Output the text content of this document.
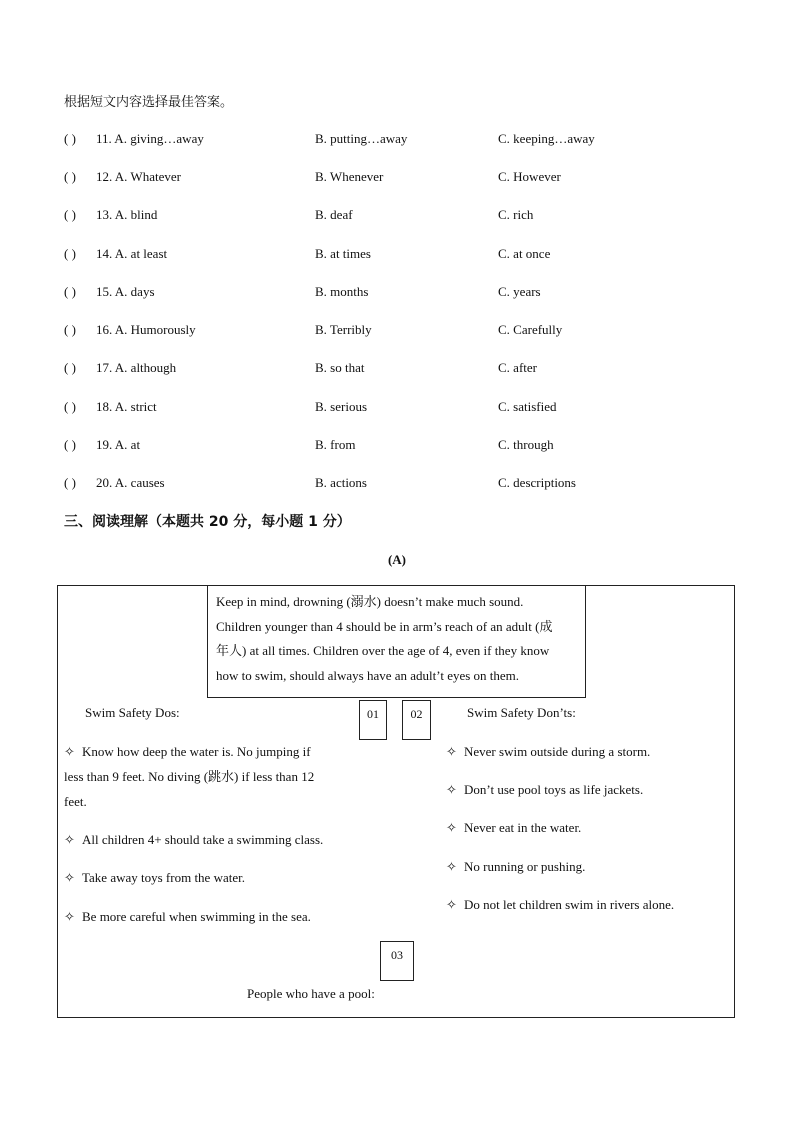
根据短文内容选择最佳答案。
( ) 11. A. giving…away	B. putting…away	C. keeping…away
( ) 12. A. Whatever	B. Whenever	C. However
( ) 13. A. blind	B. deaf	C. rich
( ) 14. A. at least	B. at times	C. at once
( ) 15. A. days	B. months	C. years
( ) 16. A. Humorously	B. Terribly	C. Carefully
( ) 17. A. although	B. so that	C. after
( ) 18. A. strict	B. serious	C. satisfied
( ) 19. A. at	B. from	C. through
( ) 20. A. causes	B. actions	C. descriptions
三、阅读理解（本题共 20 分，每小题 1 分）
(A)
Keep in mind, drowning (溺水) doesn’t make much sound.
Children younger than 4 should be in arm’s reach of an adult (成
年人) at all times. Children over the age of 4, even if they know
how to swim, should always have an adult’t eyes on them.
01	02
03
Swim Safety Dos:	Swim Safety Don’ts:
✧ Know how deep the water is. No jumping if
less than 9 feet. No diving (跳水) if less than 12
feet.
✧ All children 4+ should take a swimming class.
✧ Take away toys from the water.
✧ Be more careful when swimming in the sea.
✧ Never swim outside during a storm.
✧ Don’t use pool toys as life jackets.
✧ Never eat in the water.
✧ No running or pushing.
✧ Do not let children swim in rivers alone.
People who have a pool:
